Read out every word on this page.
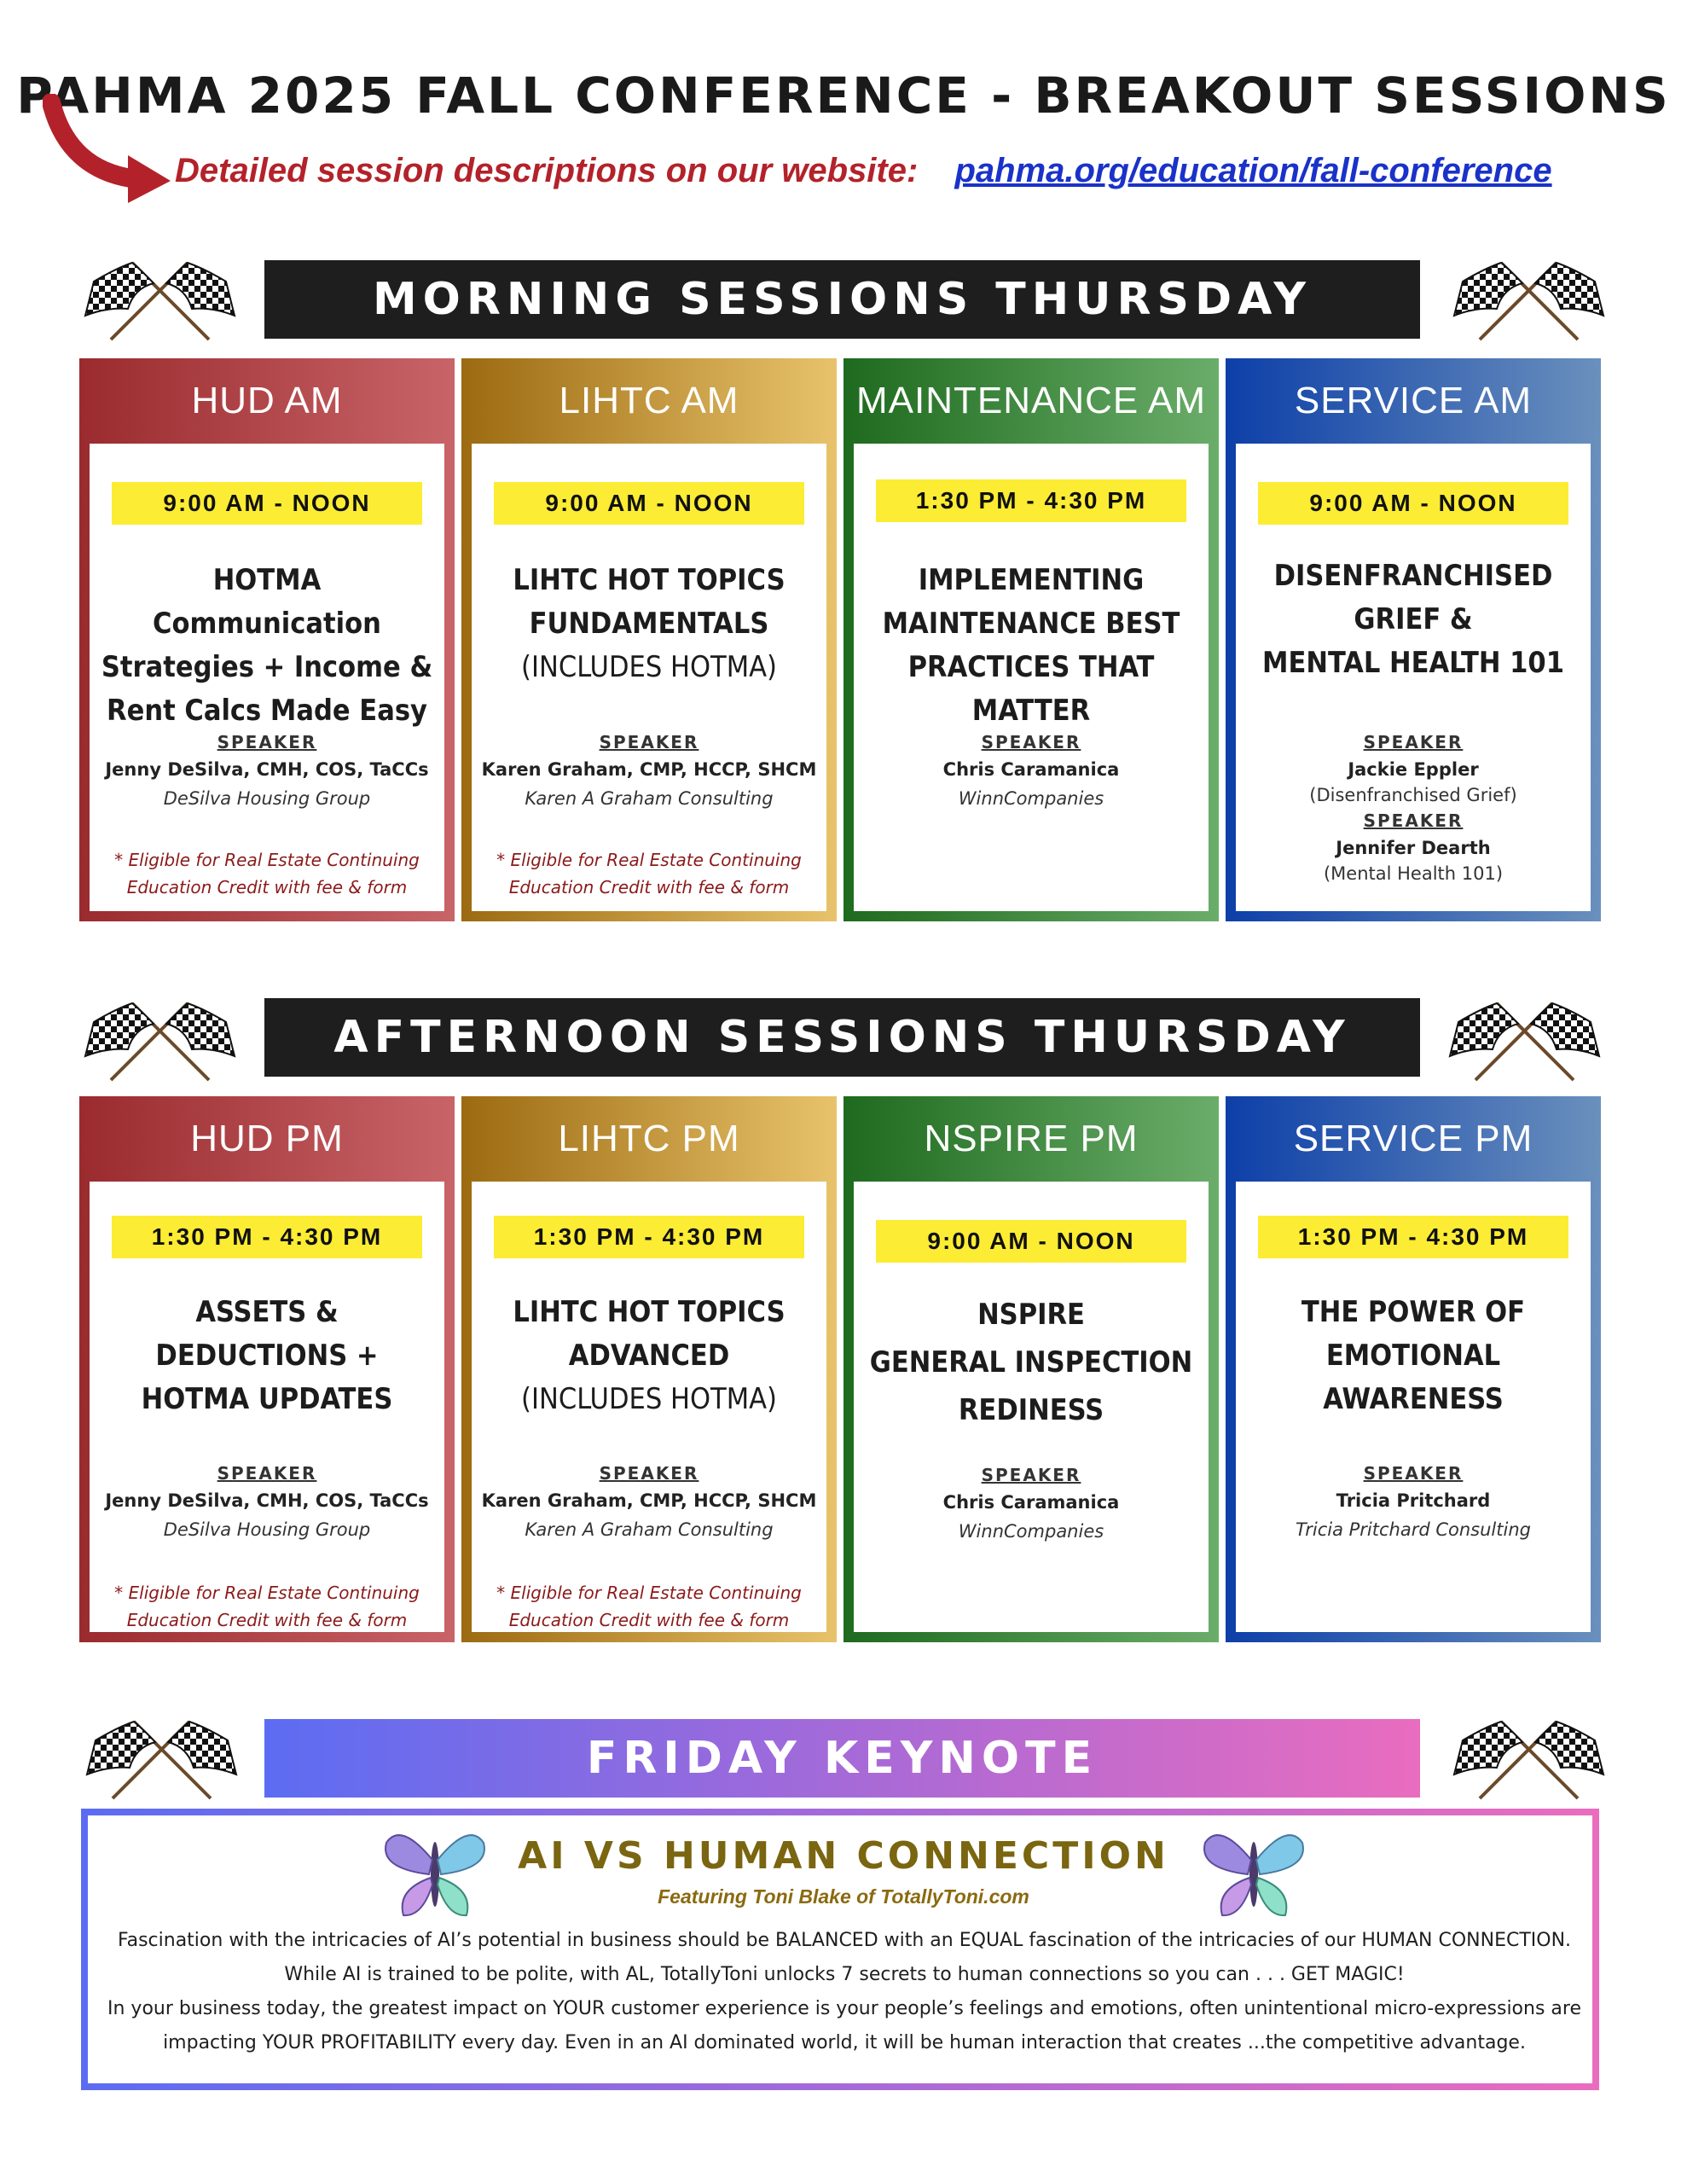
PAHMA 2025 FALL CONFERENCE - BREAKOUT SESSIONS
Detailed session descriptions on our website: pahma.org/education/fall-conference
MORNING SESSIONS THURSDAY
HUD AM
9:00 AM - NOON
HOTMA Communication
Strategies + Income &
Rent Calcs Made Easy
SPEAKER
Jenny DeSilva, CMH, COS, TaCCs
DeSilva Housing Group
* Eligible for Real Estate Continuing
Education Credit with fee & form
LIHTC AM
9:00 AM - NOON
LIHTC HOT TOPICS
FUNDAMENTALS
(INCLUDES HOTMA)
SPEAKER
Karen Graham, CMP, HCCP, SHCM
Karen A Graham Consulting
* Eligible for Real Estate Continuing
Education Credit with fee & form
MAINTENANCE AM
1:30 PM - 4:30 PM
IMPLEMENTING
MAINTENANCE BEST
PRACTICES THAT MATTER
SPEAKER
Chris Caramanica
WinnCompanies
SERVICE AM
9:00 AM - NOON
DISENFRANCHISED
GRIEF &
MENTAL HEALTH 101
SPEAKER
Jackie Eppler
(Disenfranchised Grief)
SPEAKER
Jennifer Dearth
(Mental Health 101)
AFTERNOON SESSIONS THURSDAY
HUD PM
1:30 PM - 4:30 PM
ASSETS & DEDUCTIONS +
HOTMA UPDATES
SPEAKER
Jenny DeSilva, CMH, COS, TaCCs
DeSilva Housing Group
* Eligible for Real Estate Continuing
Education Credit with fee & form
LIHTC PM
1:30 PM - 4:30 PM
LIHTC HOT TOPICS
ADVANCED
(INCLUDES HOTMA)
SPEAKER
Karen Graham, CMP, HCCP, SHCM
Karen A Graham Consulting
* Eligible for Real Estate Continuing
Education Credit with fee & form
NSPIRE PM
9:00 AM - NOON
NSPIRE
GENERAL INSPECTION
REDINESS
SPEAKER
Chris Caramanica
WinnCompanies
SERVICE PM
1:30 PM - 4:30 PM
THE POWER OF
EMOTIONAL AWARENESS
SPEAKER
Tricia Pritchard
Tricia Pritchard Consulting
FRIDAY KEYNOTE
AI VS HUMAN CONNECTION
Featuring Toni Blake of TotallyToni.com
Fascination with the intricacies of AI’s potential in business should be BALANCED with an EQUAL fascination of the intricacies of our HUMAN CONNECTION.
While AI is trained to be polite, with AL, TotallyToni unlocks 7 secrets to human connections so you can . . . GET MAGIC!
In your business today, the greatest impact on YOUR customer experience is your people’s feelings and emotions, often unintentional micro-expressions are
impacting YOUR PROFITABILITY every day. Even in an AI dominated world, it will be human interaction that creates ...the competitive advantage.
